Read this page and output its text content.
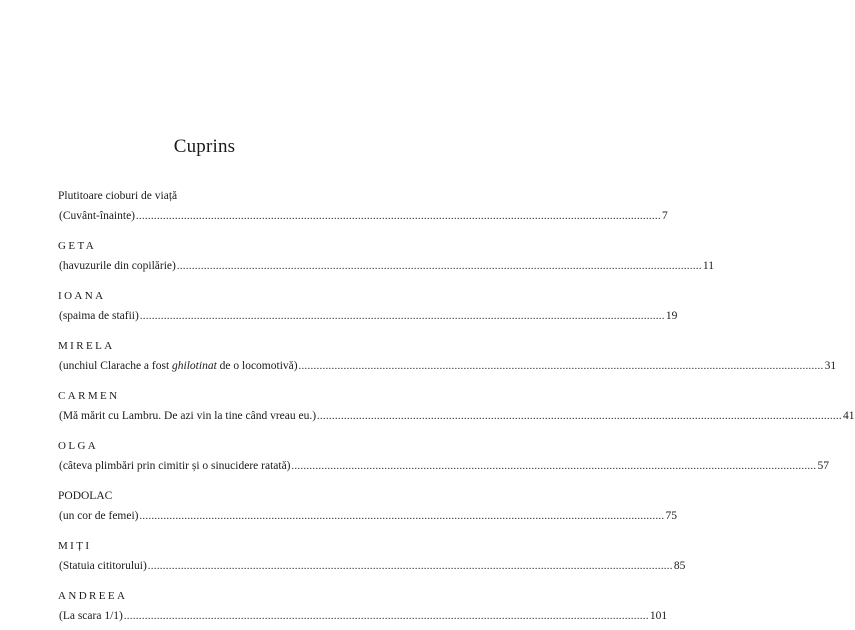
Cuprins
Plutitoare cioburi de viață
(Cuvânt-înainte) ............................................................................................................................................................................... 7
GETA
(havuzurile din copilărie) ............................................................................................................................................................................... 11
IOANA
(spaima de stafii) ............................................................................................................................................................................... 19
MIRELA
(unchiul Clarache a fost ghilotinat de o locomotivă) ............................................................................................................................................................................... 31
CARMEN
(Mă mărit cu Lambru. De azi vin la tine când vreau eu.) ............................................................................................................................................................................... 41
OLGA
(câteva plimbări prin cimitir și o sinucidere ratată) ............................................................................................................................................................................... 57
PODOLAC
(un cor de femei) ............................................................................................................................................................................... 75
MIȚI
(Statuia cititorului) ............................................................................................................................................................................... 85
ANDREEA
(La scara 1/1) ............................................................................................................................................................................... 101
